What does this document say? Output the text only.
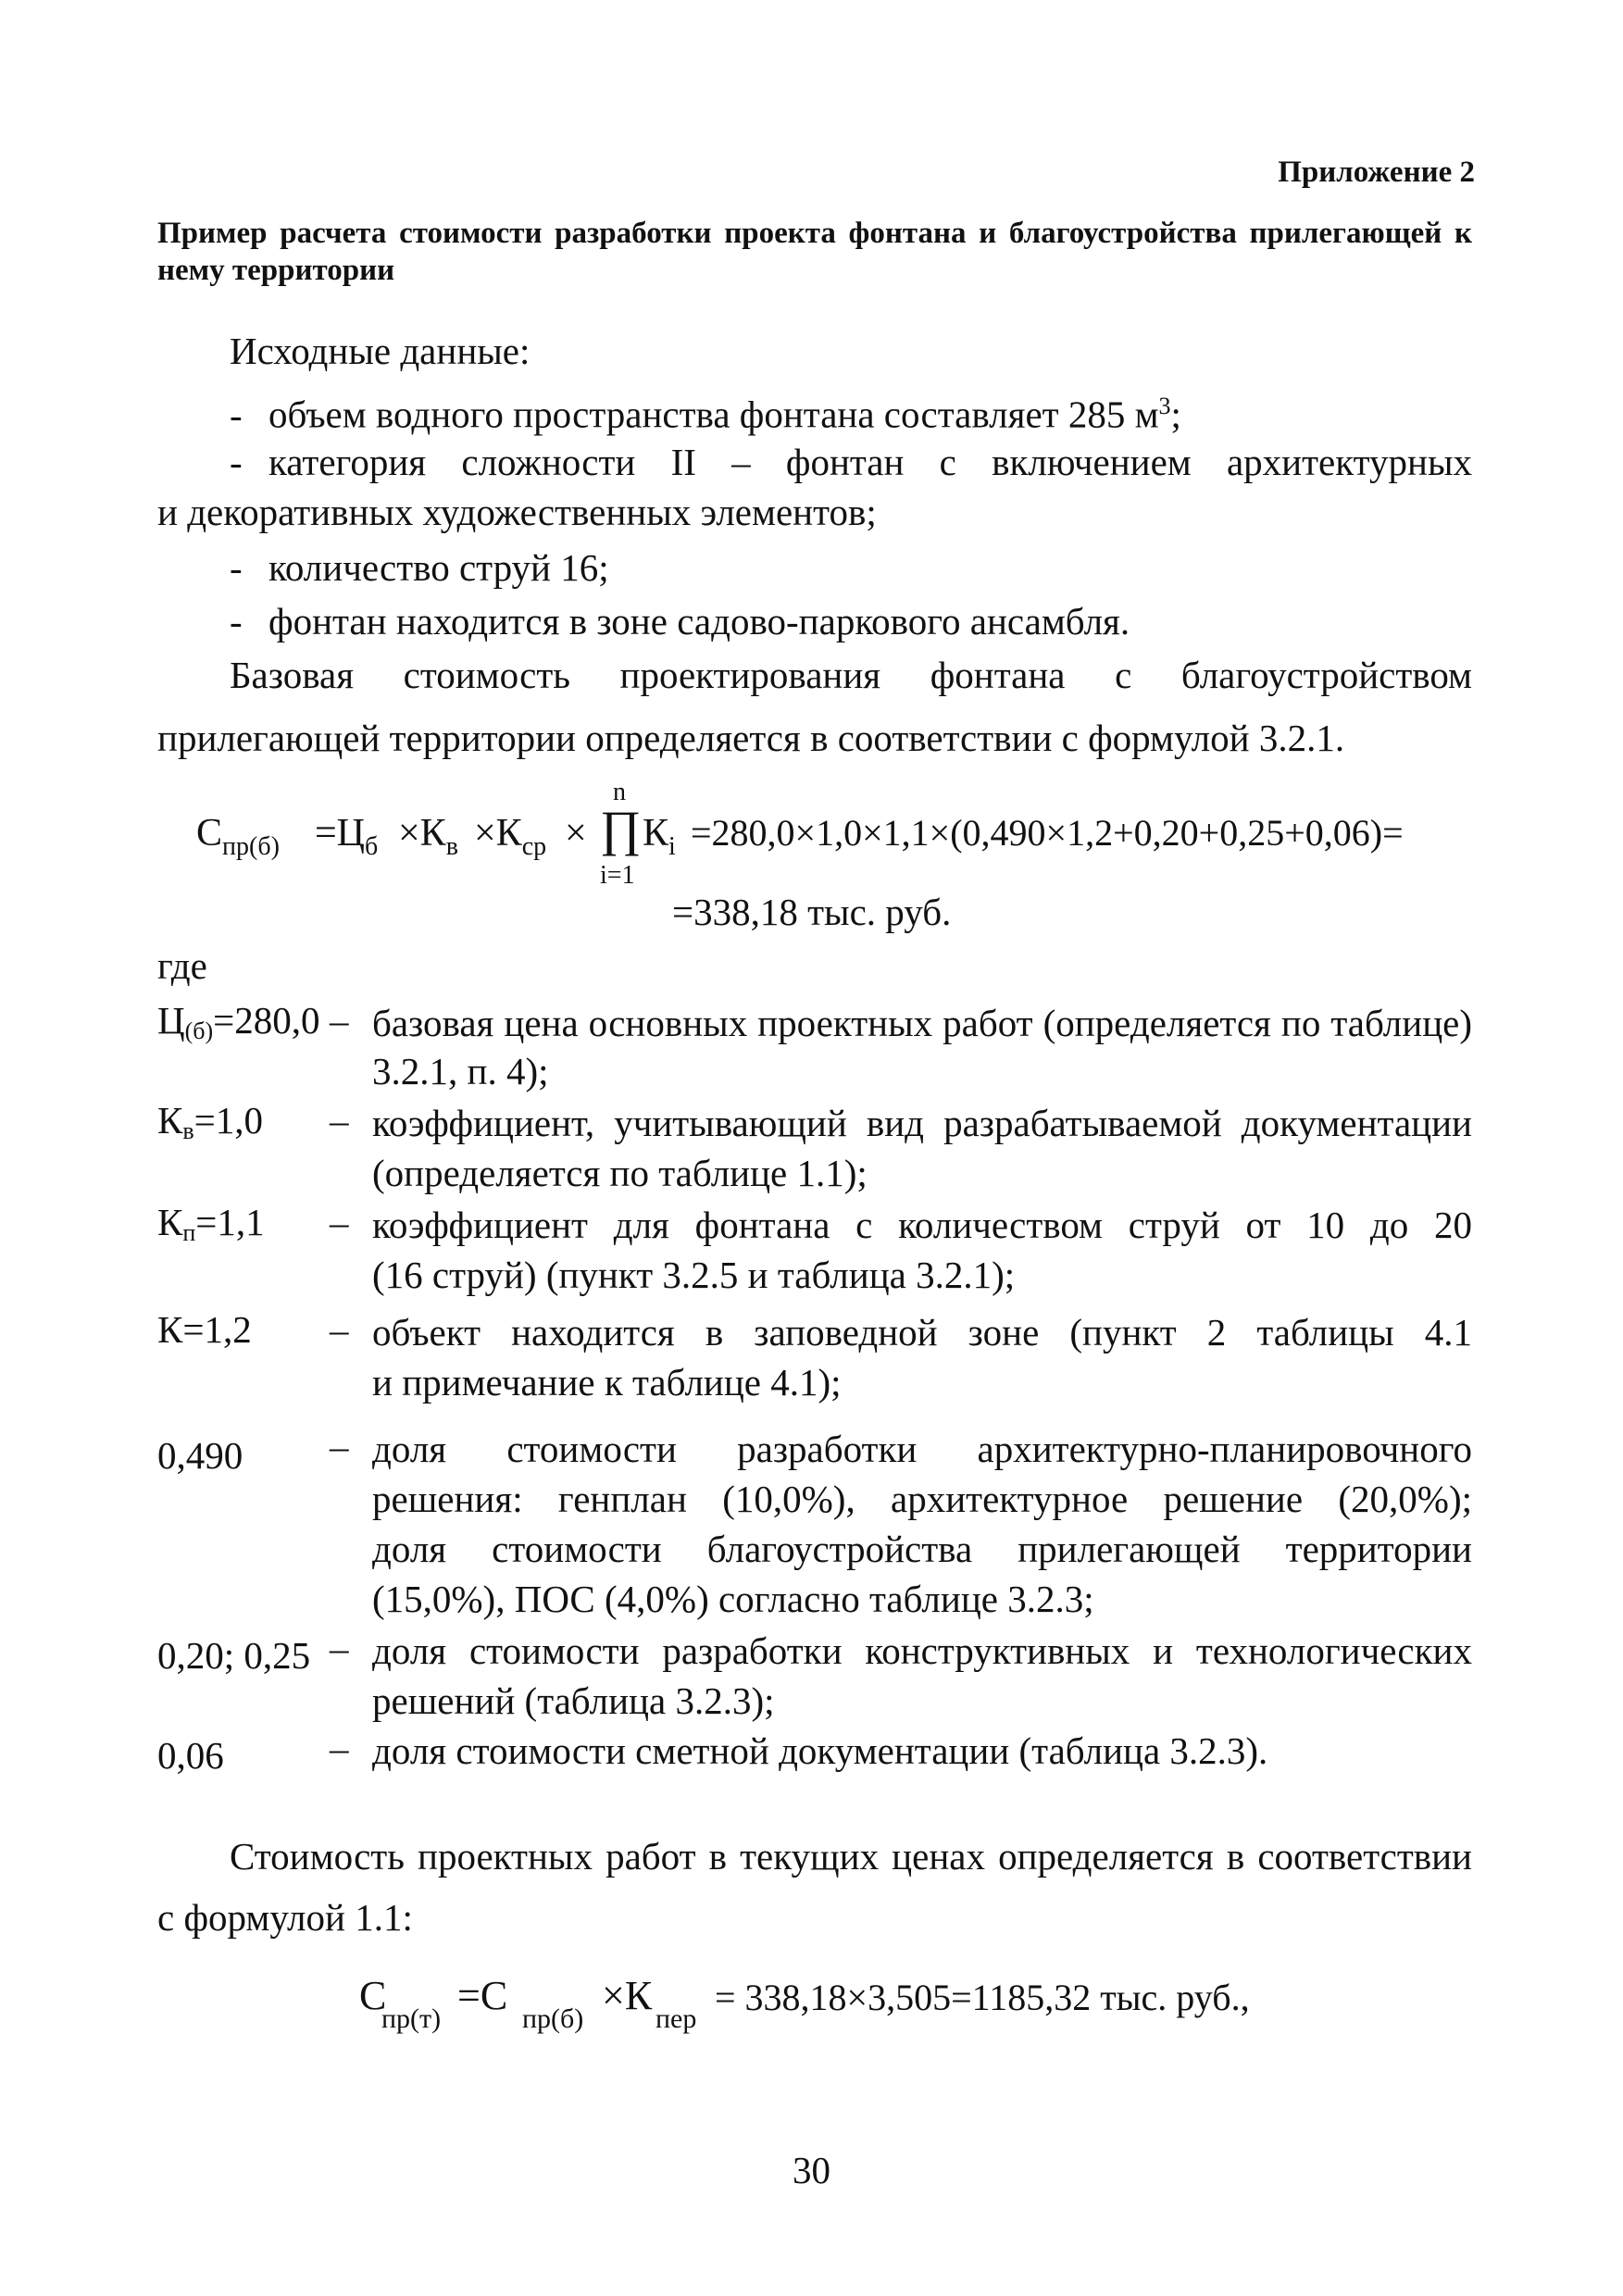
Приложение 2
Пример расчета стоимости разработки проекта фонтана и благоустройства прилегающей к нему территории
Исходные данные:
- объем водного пространства фонтана составляет 285 $м^3$;
- категория сложности II – фонтан с включением архитектурных
и декоративных художественных элементов;
- количество струй 16;
- фонтан находится в зоне садово-паркового ансамбля.
Базовая стоимость проектирования фонтана с благоустройством
прилегающей территории определяется в соответствии с формулой 3.2.1.
$С_{пр(б)} =Ц_б \times К_в \times К_{ср}$ ×
n
∏
i=1
$К_i =280,0\times 1,0\times 1,1\times(0,490\times 1,2+0,20+0,25+0,06)=$
=338,18 тыс. руб.
где
Ц(б)=280,0 – базовая цена основных проектных работ (определяется по таблице)
3.2.1, п. 4);
Кв=1,0 – коэффициент, учитывающий вид разрабатываемой документации
(определяется по таблице 1.1);
Кп=1,1 – коэффициент для фонтана с количеством струй от 10 до 20
(16 струй) (пункт 3.2.5 и таблица 3.2.1);
К=1,2 – объект находится в заповедной зоне (пункт 2 таблицы 4.1
и примечание к таблице 4.1);
0,490 – доля стоимости разработки архитектурно-планировочного
решения: генплан (10,0%), архитектурное решение (20,0%);
доля стоимости благоустройства прилегающей территории
(15,0%), ПОС (4,0%) согласно таблице 3.2.3;
0,20; 0,25 – доля стоимости разработки конструктивных и технологических
решений (таблица 3.2.3);
0,06	– доля стоимости сметной документации (таблица 3.2.3).
Стоимость проектных работ в текущих ценах определяется в соответствии
с формулой 1.1:
С
пр(т)
=С
пр(б)
×К
пер
= 338,18×3,505=1185,32 тыс. руб.,
30
